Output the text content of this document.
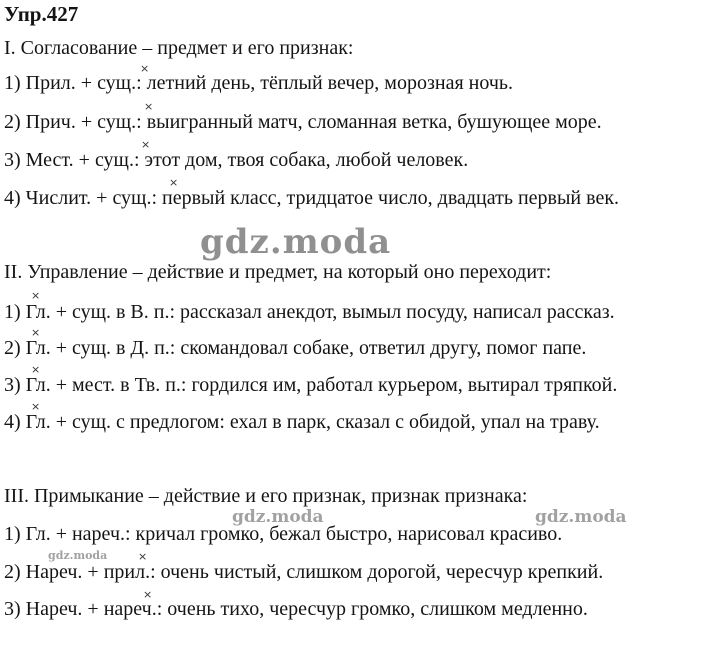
Упр.427
I. Согласование – предмет и его признак:
1) Прил. + сущ.: летний день, тёплый вечер, морозная ночь.
2) Прич. + сущ.: выигранный матч, сломанная ветка, бушующее море.
3) Мест. + сущ.: этот дом, твоя собака, любой человек.
4) Числит. + сущ.: первый класс, тридцатое число, двадцать первый век.
gdz.moda
II. Управление – действие и предмет, на который оно переходит:
1) Гл. + сущ. в В. п.: рассказал анекдот, вымыл посуду, написал рассказ.
2) Гл. + сущ. в Д. п.: скомандовал собаке, ответил другу, помог папе.
3) Гл. + мест. в Тв. п.: гордился им, работал курьером, вытирал тряпкой.
4) Гл. + сущ. с предлогом: ехал в парк, сказал с обидой, упал на траву.
III. Примыкание – действие и его признак, признак признака:
gdz.moda	gdz.moda
1) Гл. + нареч.: кричал громко, бежал быстро, нарисовал красиво.
gdz.moda
2) Нареч. + прил.: очень чистый, слишком дорогой, чересчур крепкий.
3) Нареч. + нареч.: очень тихо, чересчур громко, слишком медленно.
×
×
×
×
×
×
×
×
×
×
